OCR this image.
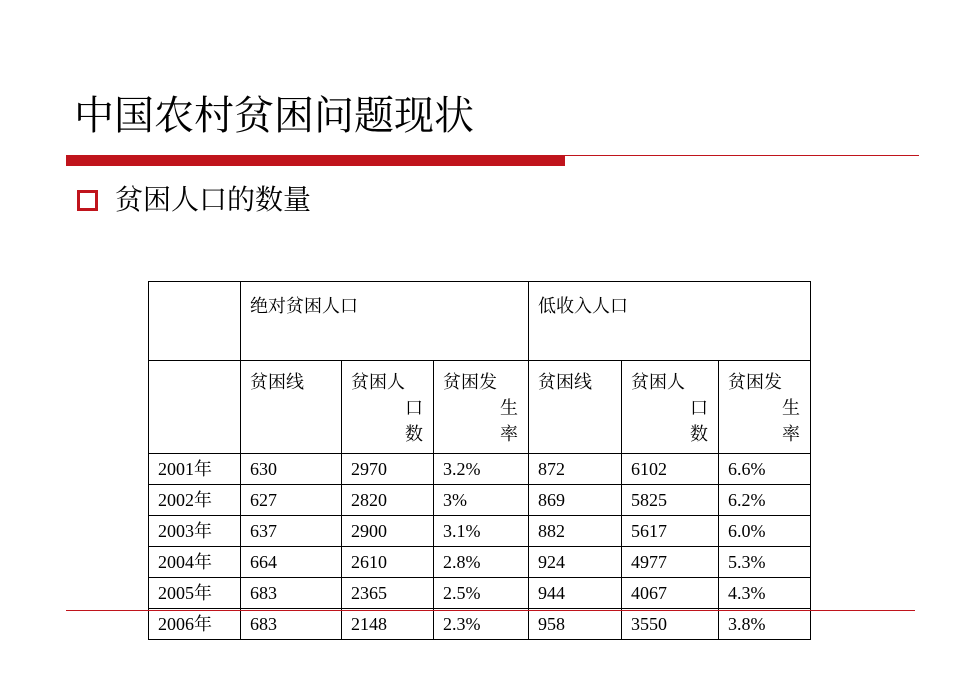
中国农村贫困问题现状
贫困人口的数量
	绝对贫困人口			低收入人口		
	贫困线	贫困人
口
数	贫困发
生
率	贫困线	贫困人
口
数	贫困发
生
率
2001年	630	2970	3.2%	872	6102	6.6%
2002年	627	2820	3%	869	5825	6.2%
2003年	637	2900	3.1%	882	5617	6.0%
2004年	664	2610	2.8%	924	4977	5.3%
2005年	683	2365	2.5%	944	4067	4.3%
2006年	683	2148	2.3%	958	3550	3.8%
